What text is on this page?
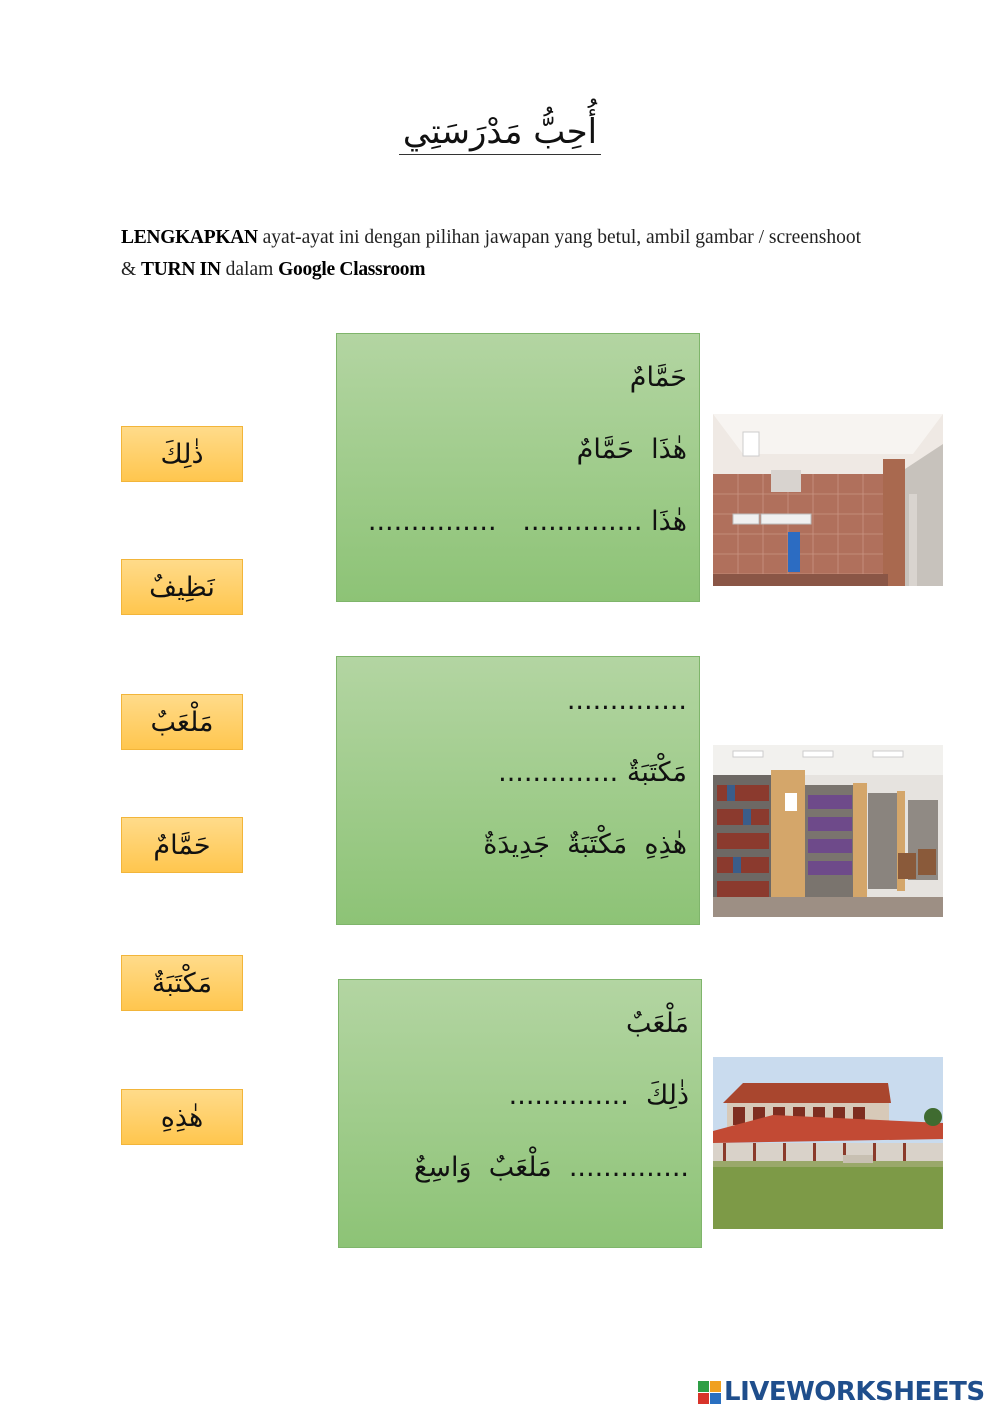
أُحِبُّ مَدْرَسَتِي
LENGKAPKAN ayat-ayat ini dengan pilihan jawapan yang betul, ambil gambar / screenshoot
& TURN IN dalam Google Classroom
ذٰلِكَ
نَظِيفٌ
مَلْعَبٌ
حَمَّامٌ
مَكْتَبَةٌ
هٰذِهِ
حَمَّامٌ
هٰذَا  حَمَّامٌ
هٰذَا ..............   ...............
..............
مَكْتَبَةٌ ..............
هٰذِهِ  مَكْتَبَةٌ  جَدِيدَةٌ
مَلْعَبٌ
ذٰلِكَ  ..............
..............  مَلْعَبٌ  وَاسِعٌ
LIVEWORKSHEETS
